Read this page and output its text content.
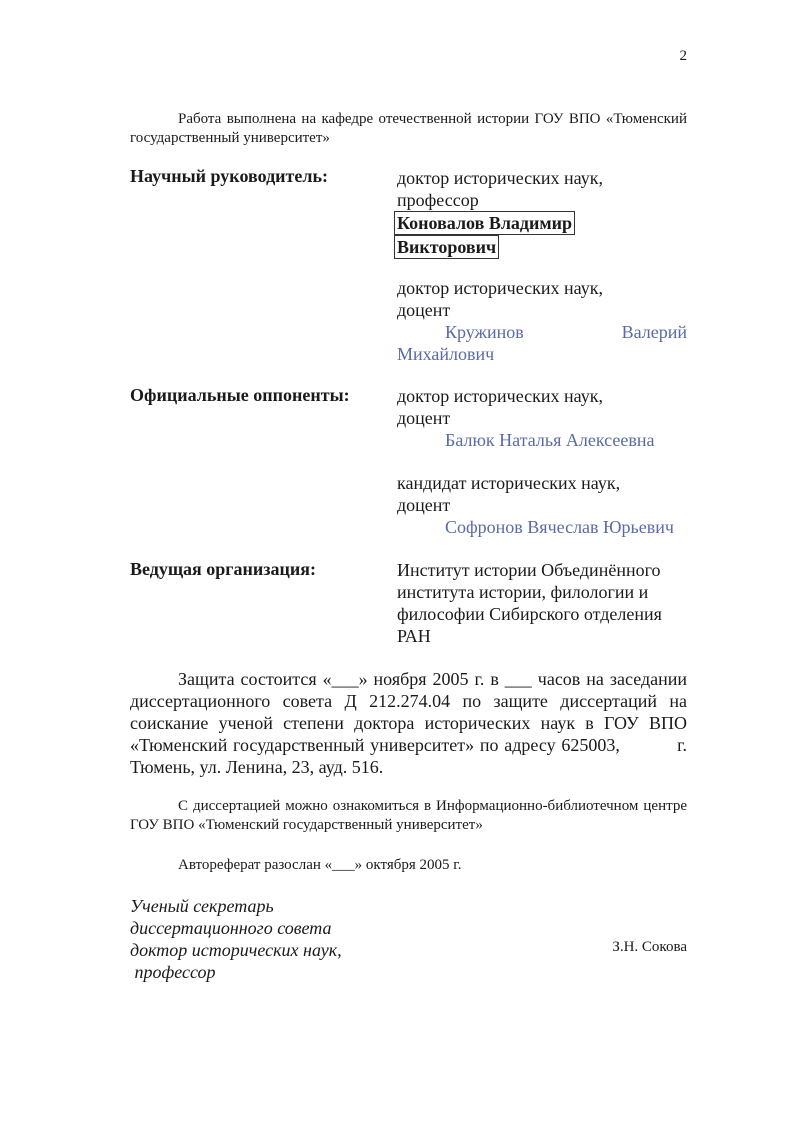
2
Работа выполнена на кафедре отечественной истории ГОУ ВПО «Тюменский государственный университет»
Научный руководитель:	доктор исторических наук,
профессор
Коновалов Владимир
Викторович
доктор исторических наук,
доцент
Кружинов	Валерий
Михайлович
Официальные оппоненты:	доктор исторических наук,
доцент
Балюк Наталья Алексеевна
кандидат исторических наук,
доцент
Софронов Вячеслав Юрьевич
Ведущая организация:	Институт истории Объединённого
института истории, филологии и
философии Сибирского отделения
РАН
Защита состоится «___» ноября 2005 г. в ___ часов на заседании диссертационного совета Д 212.274.04 по защите диссертаций на соискание ученой степени доктора исторических наук в ГОУ ВПО «Тюменский государственный университет» по адресу 625003,          г. Тюмень, ул. Ленина, 23, ауд. 516.
С диссертацией можно ознакомиться в Информационно-библиотечном центре ГОУ ВПО «Тюменский государственный университет»
Автореферат разослан «___» октября 2005 г.
Ученый секретарь
диссертационного совета
доктор исторических наук,
профессор
З.Н. Сокова
